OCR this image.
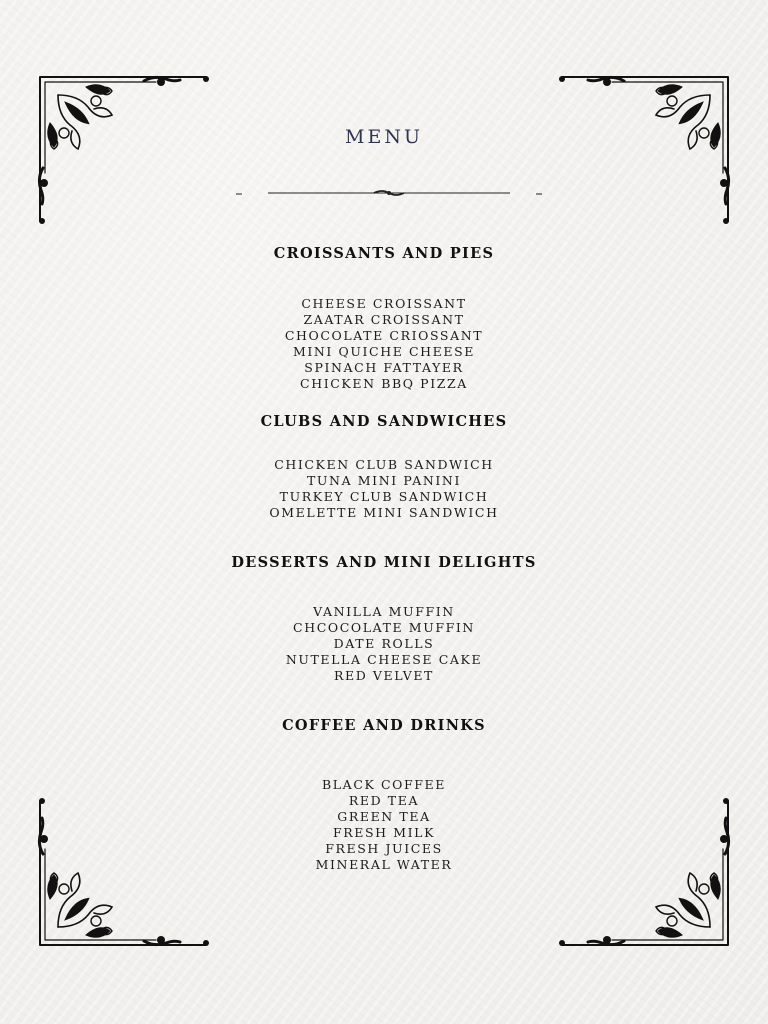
MENU
CROISSANTS AND PIES
CHEESE CROISSANT
ZAATAR CROISSANT
CHOCOLATE CRIOSSANT
MINI QUICHE CHEESE
SPINACH FATTAYER
CHICKEN BBQ PIZZA
CLUBS AND SANDWICHES
CHICKEN CLUB SANDWICH
TUNA MINI PANINI
TURKEY CLUB SANDWICH
OMELETTE MINI SANDWICH
DESSERTS AND MINI DELIGHTS
VANILLA MUFFIN
CHCOCOLATE MUFFIN
DATE ROLLS
NUTELLA CHEESE CAKE
RED VELVET
COFFEE AND DRINKS
BLACK COFFEE
RED TEA
GREEN TEA
FRESH MILK
FRESH JUICES
MINERAL WATER
